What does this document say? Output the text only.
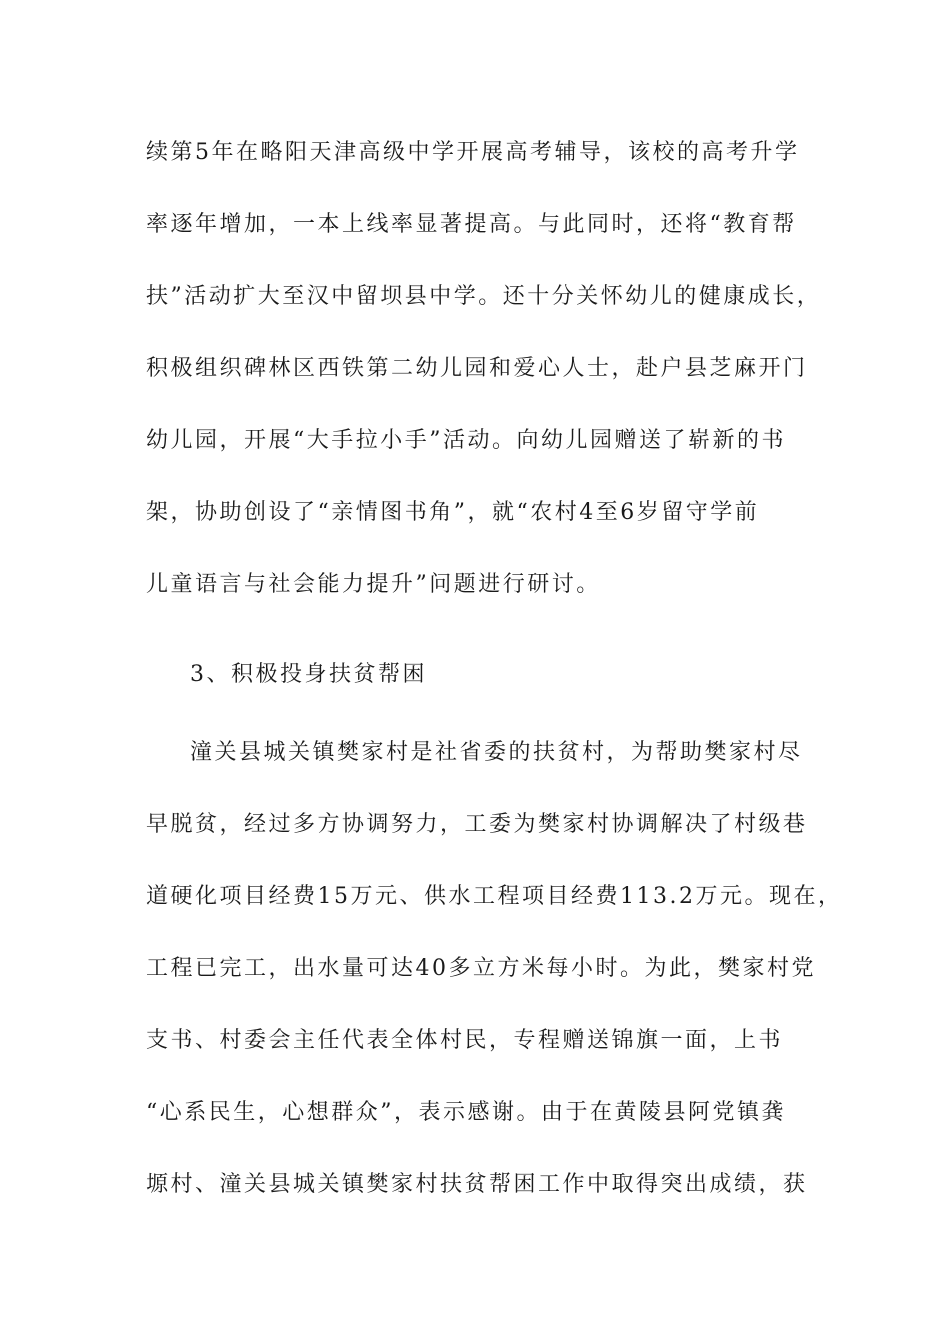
续第5年在略阳天津高级中学开展高考辅导，该校的高考升学
率逐年增加，一本上线率显著提高。与此同时，还将“教育帮
扶”活动扩大至汉中留坝县中学。还十分关怀幼儿的健康成长，
积极组织碑林区西铁第二幼儿园和爱心人士，赴户县芝麻开门
幼儿园，开展“大手拉小手”活动。向幼儿园赠送了崭新的书
架，协助创设了“亲情图书角”，就“农村4至6岁留守学前
儿童语言与社会能力提升”问题进行研讨。
3、积极投身扶贫帮困
潼关县城关镇樊家村是社省委的扶贫村，为帮助樊家村尽
早脱贫，经过多方协调努力，工委为樊家村协调解决了村级巷
道硬化项目经费15万元、供水工程项目经费113.2万元。现在，
工程已完工，出水量可达40多立方米每小时。为此，樊家村党
支书、村委会主任代表全体村民，专程赠送锦旗一面，上书
“心系民生，心想群众”，表示感谢。由于在黄陵县阿党镇龚
塬村、潼关县城关镇樊家村扶贫帮困工作中取得突出成绩，获
